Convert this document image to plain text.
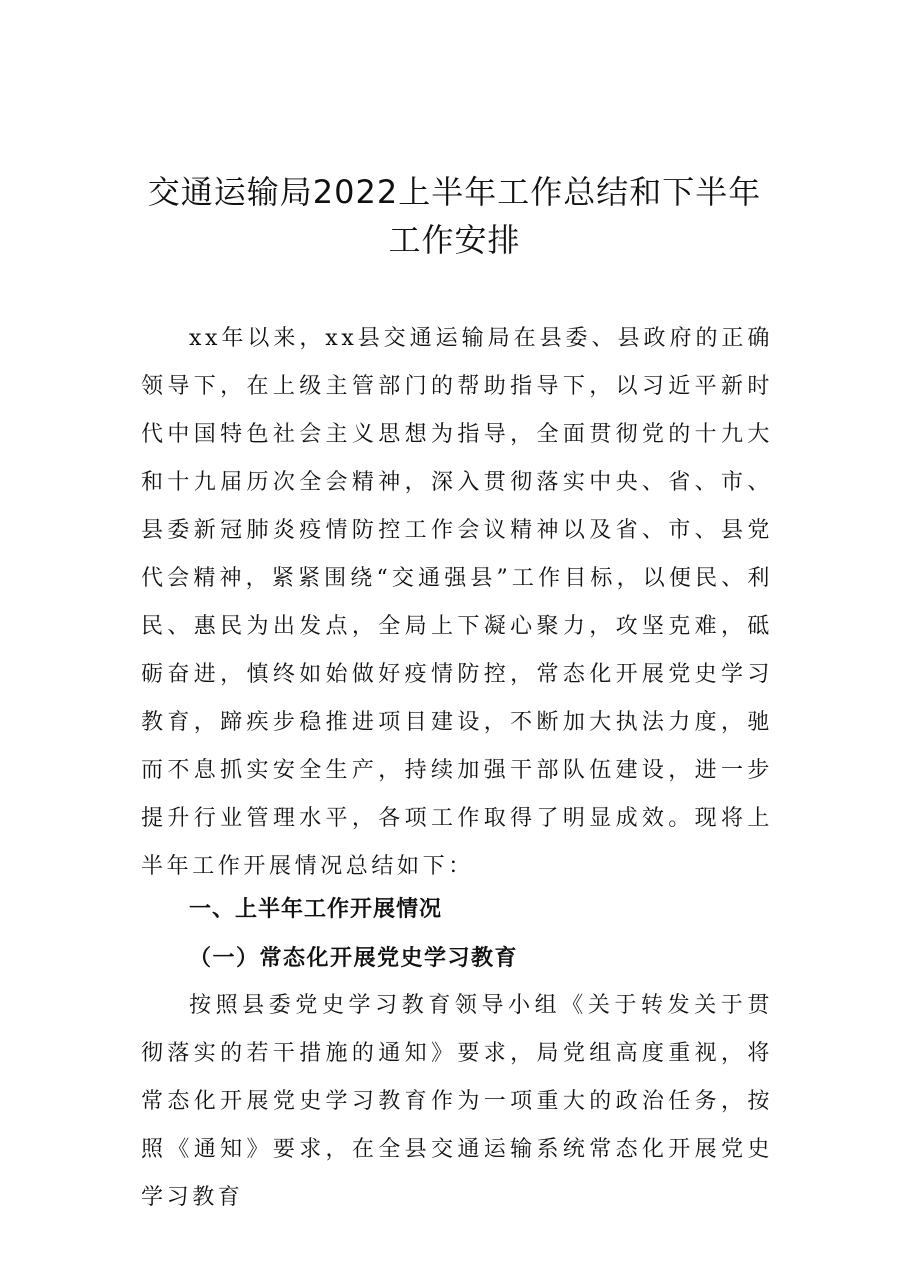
交通运输局2022上半年工作总结和下半年
工作安排

xx年以来，xx县交通运输局在县委、县政府的正确领导下，在上级主管部门的帮助指导下，以习近平新时代中国特色社会主义思想为指导，全面贯彻党的十九大和十九届历次全会精神，深入贯彻落实中央、省、市、县委新冠肺炎疫情防控工作会议精神以及省、市、县党代会精神，紧紧围绕“交通强县”工作目标，以便民、利民、惠民为出发点，全局上下凝心聚力，攻坚克难，砥砺奋进，慎终如始做好疫情防控，常态化开展党史学习教育，蹄疾步稳推进项目建设，不断加大执法力度，驰而不息抓实安全生产，持续加强干部队伍建设，进一步提升行业管理水平，各项工作取得了明显成效。现将上半年工作开展情况总结如下：

一、上半年工作开展情况
（一）常态化开展党史学习教育

按照县委党史学习教育领导小组《关于转发关于贯彻落实的若干措施的通知》要求，局党组高度重视，将常态化开展党史学习教育作为一项重大的政治任务，按照《通知》要求，在全县交通运输系统常态化开展党史学习教育
